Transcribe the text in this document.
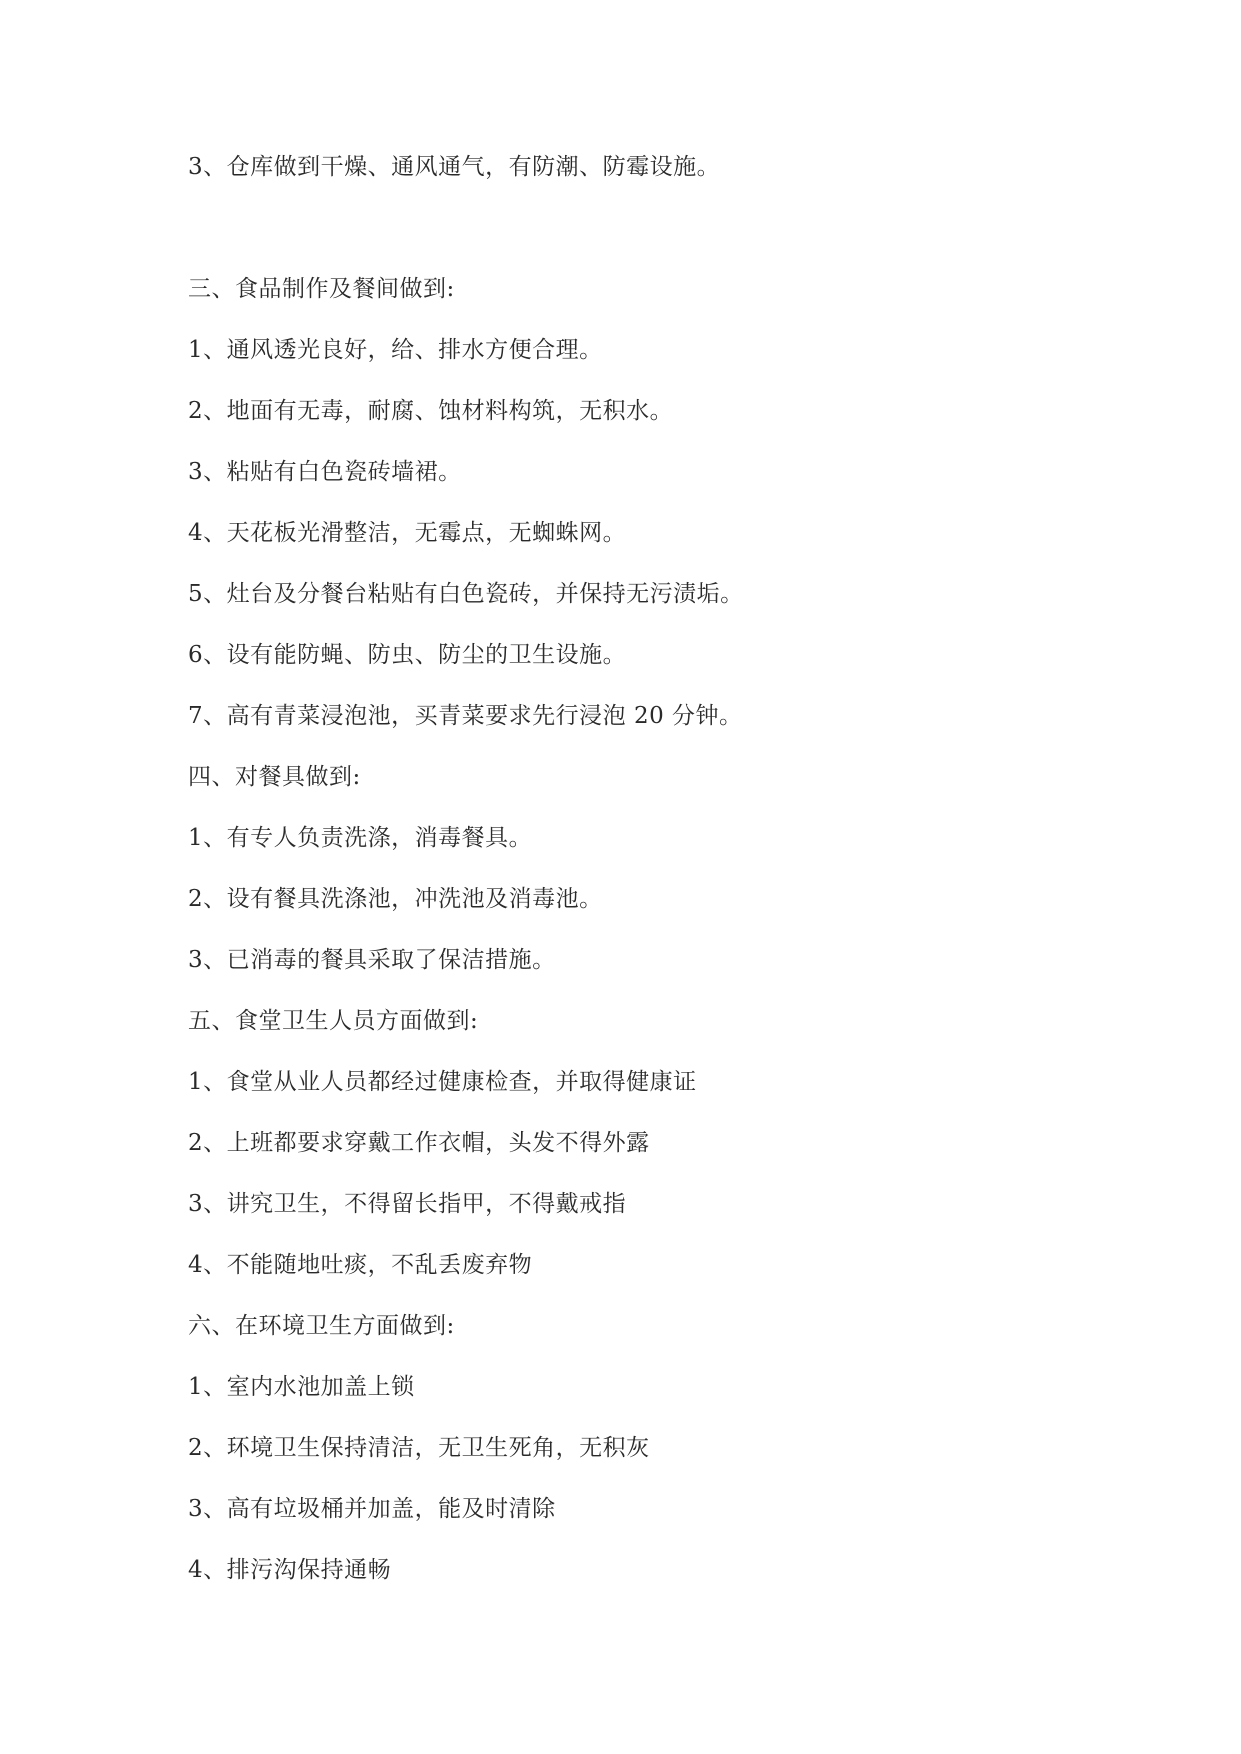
3、仓库做到干燥、通风通气，有防潮、防霉设施。

三、食品制作及餐间做到:

1、通风透光良好，给、排水方便合理。

2、地面有无毒，耐腐、蚀材料构筑，无积水。

3、粘贴有白色瓷砖墙裙。

4、天花板光滑整洁，无霉点，无蜘蛛网。

5、灶台及分餐台粘贴有白色瓷砖，并保持无污渍垢。

6、设有能防蝇、防虫、防尘的卫生设施。

7、高有青菜浸泡池，买青菜要求先行浸泡 20 分钟。

四、对餐具做到:

1、有专人负责洗涤，消毒餐具。

2、设有餐具洗涤池，冲洗池及消毒池。

3、已消毒的餐具采取了保洁措施。

五、食堂卫生人员方面做到:

1、食堂从业人员都经过健康检查，并取得健康证

2、上班都要求穿戴工作衣帽，头发不得外露

3、讲究卫生，不得留长指甲，不得戴戒指

4、不能随地吐痰，不乱丢废弃物

六、在环境卫生方面做到:

1、室内水池加盖上锁

2、环境卫生保持清洁，无卫生死角，无积灰

3、高有垃圾桶并加盖，能及时清除

4、排污沟保持通畅
